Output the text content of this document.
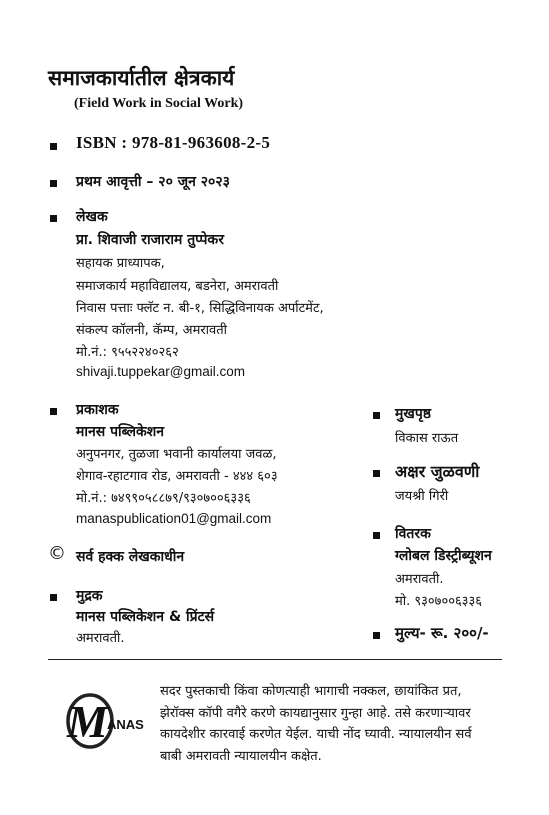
समाजकार्यातील क्षेत्रकार्य
(Field Work in Social Work)
ISBN : 978-81-963608-2-5
प्रथम आवृत्ती – २० जून २०२३
लेखक
प्रा. शिवाजी राजाराम तुप्पेकर
सहायक प्राध्यापक,
समाजकार्य महाविद्यालय, बडनेरा, अमरावती
निवास पत्ताः फ्लॅट न. बी-१, सिद्धिविनायक अर्पाटमेंट,
संकल्प कॉलनी, कॅम्प, अमरावती
मो.नं.: ९५५२२४०२६२
shivaji.tuppekar@gmail.com
प्रकाशक
मानस पब्लिकेशन
अनुपनगर, तुळजा भवानी कार्यालया जवळ,
शेगाव-रहाटगाव रोड, अमरावती - ४४४ ६०३
मो.नं.: ७४९९०५८८७९/९३०७००६३३६
manaspublication01@gmail.com
© सर्व हक्क लेखकाधीन
मुद्रक
मानस पब्लिकेशन & प्रिंटर्स
अमरावती.
मुखपृष्ठ
विकास राऊत
अक्षर जुळवणी
जयश्री गिरी
वितरक
ग्लोबल डिस्ट्रीब्यूशन
अमरावती.
मो. ९३०७००६३३६
मुल्य- रू. २००/-
M ANAS

सदर पुस्तकाची किंवा कोणत्याही भागाची नक्कल, छायांकित प्रत,

झेरॉक्स कॉपी वगैरे करणे कायद्यानुसार गुन्हा आहे. तसे करणाऱ्यावर

कायदेशीर कारवाई करणेत येईल. याची नोंद घ्यावी. न्यायालयीन सर्व

बाबी अमरावती न्यायालयीन कक्षेत.
